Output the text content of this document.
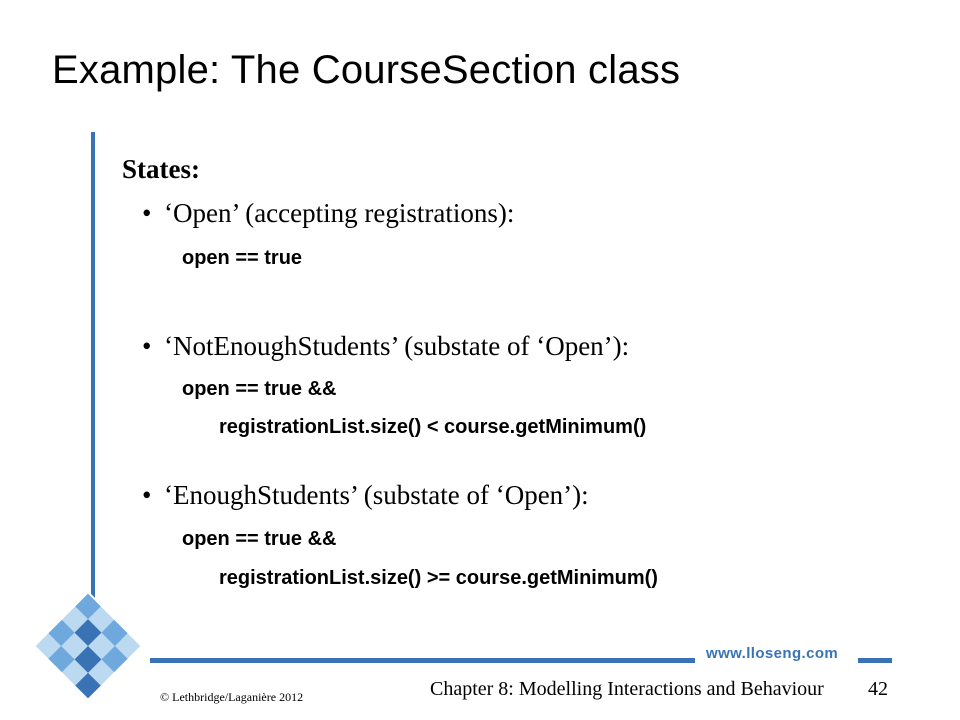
Example: The CourseSection class
States:
• ‘Open’ (accepting registrations):
open == true
• ‘NotEnoughStudents’ (substate of ‘Open’):
open == true &&
registrationList.size() < course.getMinimum()
• ‘EnoughStudents’ (substate of ‘Open’):
open == true &&
registrationList.size() >= course.getMinimum()
www.lloseng.com
© Lethbridge/Laganière 2012	Chapter 8: Modelling Interactions and Behaviour 42
